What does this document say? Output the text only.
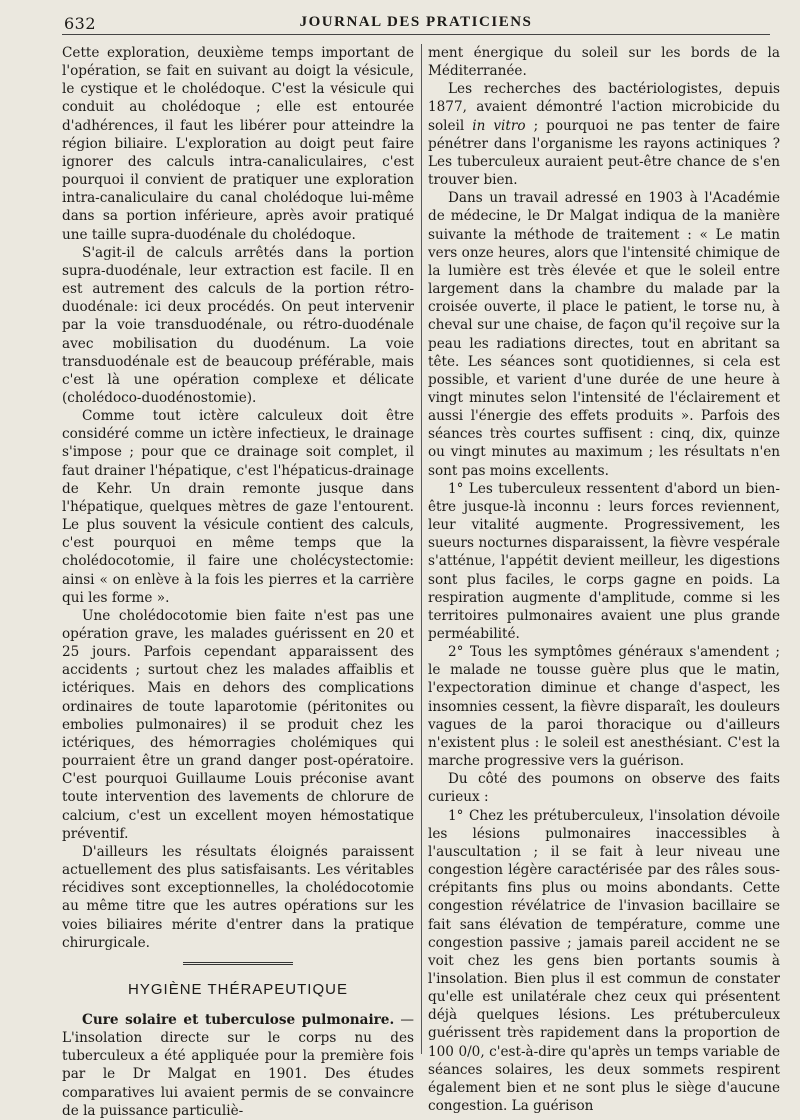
632	JOURNAL DES PRATICIENS

Cette exploration, deuxième temps important de l'opération, se fait en suivant au doigt la vésicule, le cystique et le cholédoque. C'est la vésicule qui conduit au cholédoque ; elle est entourée d'adhérences, il faut les libérer pour atteindre la région biliaire. L'exploration au doigt peut faire ignorer des calculs intra-canaliculaires, c'est pourquoi il convient de pratiquer une exploration intra-canaliculaire du canal cholédoque lui-même dans sa portion inférieure, après avoir pratiqué une taille supra-duodénale du cholédoque.

S'agit-il de calculs arrêtés dans la portion supra-duodénale, leur extraction est facile. Il en est autrement des calculs de la portion rétro-duodénale: ici deux procédés. On peut intervenir par la voie transduodénale, ou rétro-duodénale avec mobilisation du duodénum. La voie transduodénale est de beaucoup préférable, mais c'est là une opération complexe et délicate (cholédoco-duodénostomie).

Comme tout ictère calculeux doit être considéré comme un ictère infectieux, le drainage s'impose ; pour que ce drainage soit complet, il faut drainer l'hépatique, c'est l'hépaticus-drainage de Kehr. Un drain remonte jusque dans l'hépatique, quelques mètres de gaze l'entourent. Le plus souvent la vésicule contient des calculs, c'est pourquoi en même temps que la cholédocotomie, il faire une cholécystectomie: ainsi « on enlève à la fois les pierres et la carrière qui les forme ».

Une cholédocotomie bien faite n'est pas une opération grave, les malades guérissent en 20 et 25 jours. Parfois cependant apparaissent des accidents ; surtout chez les malades affaiblis et ictériques. Mais en dehors des complications ordinaires de toute laparotomie (péritonites ou embolies pulmonaires) il se produit chez les ictériques, des hémorragies cholémiques qui pourraient être un grand danger post-opératoire. C'est pourquoi Guillaume Louis préconise avant toute intervention des lavements de chlorure de calcium, c'est un excellent moyen hémostatique préventif.

D'ailleurs les résultats éloignés paraissent actuellement des plus satisfaisants. Les véritables récidives sont exceptionnelles, la cholédocotomie au même titre que les autres opérations sur les voies biliaires mérite d'entrer dans la pratique chirurgicale.

HYGIÈNE THÉRAPEUTIQUE

Cure solaire et tuberculose pulmonaire. — L'insolation directe sur le corps nu des tuberculeux a été appliquée pour la première fois par le Dr Malgat en 1901. Des études comparatives lui avaient permis de se convaincre de la puissance particuliè-

ment énergique du soleil sur les bords de la Méditerranée.

Les recherches des bactériologistes, depuis 1877, avaient démontré l'action microbicide du soleil in vitro ; pourquoi ne pas tenter de faire pénétrer dans l'organisme les rayons actiniques ? Les tuberculeux auraient peut-être chance de s'en trouver bien.

Dans un travail adressé en 1903 à l'Académie de médecine, le Dr Malgat indiqua de la manière suivante la méthode de traitement : « Le matin vers onze heures, alors que l'intensité chimique de la lumière est très élevée et que le soleil entre largement dans la chambre du malade par la croisée ouverte, il place le patient, le torse nu, à cheval sur une chaise, de façon qu'il reçoive sur la peau les radiations directes, tout en abritant sa tête. Les séances sont quotidiennes, si cela est possible, et varient d'une durée de une heure à vingt minutes selon l'intensité de l'éclairement et aussi l'énergie des effets produits ». Parfois des séances très courtes suffisent : cinq, dix, quinze ou vingt minutes au maximum ; les résultats n'en sont pas moins excellents.

1° Les tuberculeux ressentent d'abord un bien-être jusque-là inconnu : leurs forces reviennent, leur vitalité augmente. Progressivement, les sueurs nocturnes disparaissent, la fièvre vespérale s'atténue, l'appétit devient meilleur, les digestions sont plus faciles, le corps gagne en poids. La respiration augmente d'amplitude, comme si les territoires pulmonaires avaient une plus grande perméabilité.

2° Tous les symptômes généraux s'amendent ; le malade ne tousse guère plus que le matin, l'expectoration diminue et change d'aspect, les insomnies cessent, la fièvre disparaît, les douleurs vagues de la paroi thoracique ou d'ailleurs n'existent plus : le soleil est anesthésiant. C'est la marche progressive vers la guérison.

Du côté des poumons on observe des faits curieux :

1° Chez les prétuberculeux, l'insolation dévoile les lésions pulmonaires inaccessibles à l'auscultation ; il se fait à leur niveau une congestion légère caractérisée par des râles sous-crépitants fins plus ou moins abondants. Cette congestion révélatrice de l'invasion bacillaire se fait sans élévation de température, comme une congestion passive ; jamais pareil accident ne se voit chez les gens bien portants soumis à l'insolation. Bien plus il est commun de constater qu'elle est unilatérale chez ceux qui présentent déjà quelques lésions. Les prétuberculeux guérissent très rapidement dans la proportion de 100 0/0, c'est-à-dire qu'après un temps variable de séances solaires, les deux sommets respirent également bien et ne sont plus le siège d'aucune congestion. La guérison
